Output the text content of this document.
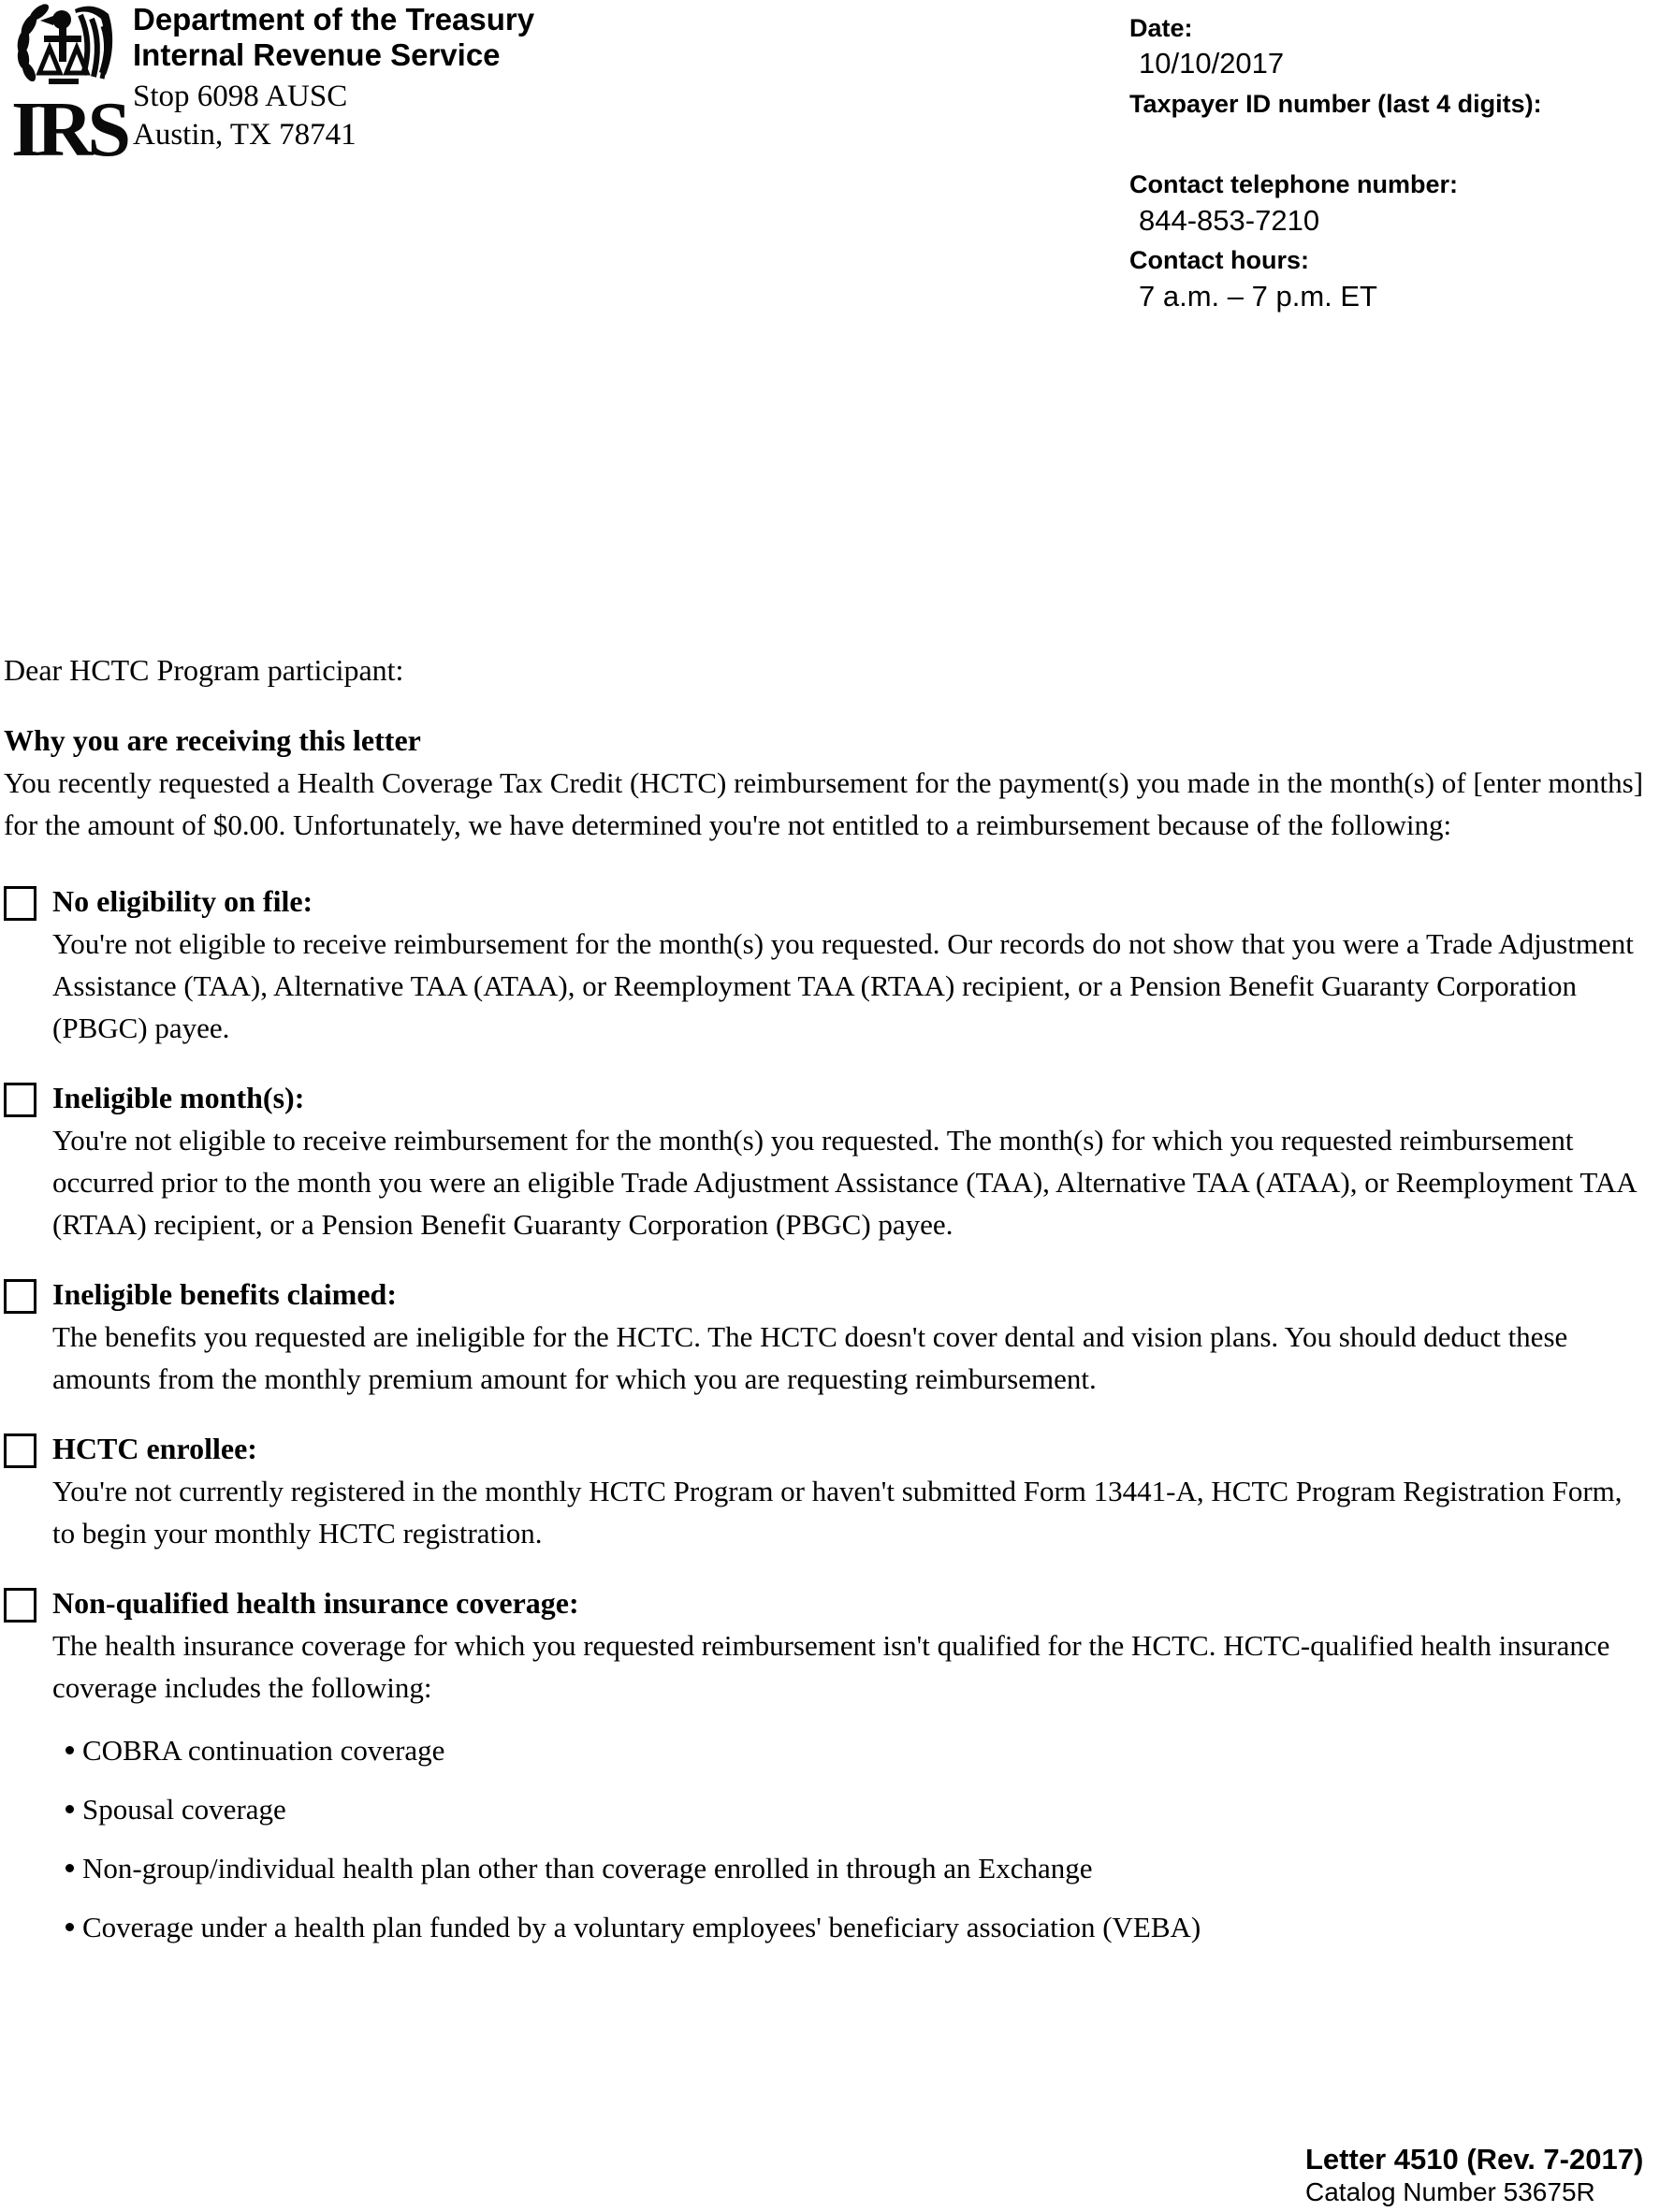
IRS
Department of the Treasury
Internal Revenue Service
Stop 6098 AUSC
Austin, TX 78741
Date:
10/10/2017
Taxpayer ID number (last 4 digits):
Contact telephone number:
844-853-7210
Contact hours:
7 a.m. – 7 p.m. ET
Dear HCTC Program participant:
Why you are receiving this letter
You recently requested a Health Coverage Tax Credit (HCTC) reimbursement for the payment(s) you made in the month(s) of [enter months] for the amount of $0.00. Unfortunately, we have determined you're not entitled to a reimbursement because of the following:
No eligibility on file:
You're not eligible to receive reimbursement for the month(s) you requested. Our records do not show that you were a Trade Adjustment Assistance (TAA), Alternative TAA (ATAA), or Reemployment TAA (RTAA) recipient, or a Pension Benefit Guaranty Corporation (PBGC) payee.
Ineligible month(s):
You're not eligible to receive reimbursement for the month(s) you requested. The month(s) for which you requested reimbursement occurred prior to the month you were an eligible Trade Adjustment Assistance (TAA), Alternative TAA (ATAA), or Reemployment TAA (RTAA) recipient, or a Pension Benefit Guaranty Corporation (PBGC) payee.
Ineligible benefits claimed:
The benefits you requested are ineligible for the HCTC. The HCTC doesn't cover dental and vision plans. You should deduct these amounts from the monthly premium amount for which you are requesting reimbursement.
HCTC enrollee:
You're not currently registered in the monthly HCTC Program or haven't submitted Form 13441-A, HCTC Program Registration Form, to begin your monthly HCTC registration.
Non-qualified health insurance coverage:
The health insurance coverage for which you requested reimbursement isn't qualified for the HCTC. HCTC-qualified health insurance coverage includes the following:
COBRA continuation coverage
Spousal coverage
Non-group/individual health plan other than coverage enrolled in through an Exchange
Coverage under a health plan funded by a voluntary employees' beneficiary association (VEBA)
Letter 4510 (Rev. 7-2017)
Catalog Number 53675R
